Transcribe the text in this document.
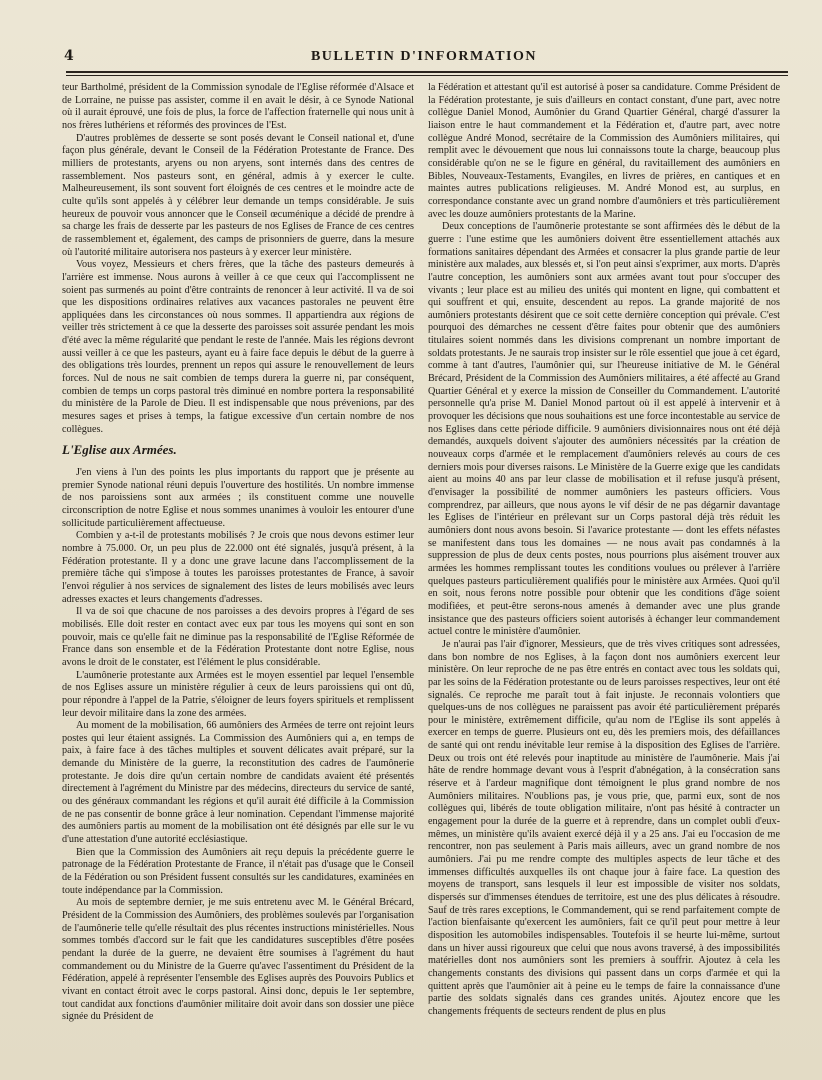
4	BULLETIN D'INFORMATION

teur Bartholmé, président de la Commission synodale de l'Eglise réformée d'Alsace et de Lorraine, ne puisse pas assister, comme il en avait le désir, à ce Synode National où il aurait éprouvé, une fois de plus, la force de l'affection fraternelle qui nous unit à nos frères luthériens et réformés des provinces de l'Est.

D'autres problèmes de desserte se sont posés devant le Conseil national et, d'une façon plus générale, devant le Conseil de la Fédération Protestante de France. Des milliers de protestants, aryens ou non aryens, sont internés dans des centres de rassemblement. Nos pasteurs sont, en général, admis à y exercer le culte. Malheureusement, ils sont souvent fort éloignés de ces centres et le moindre acte de culte qu'ils sont appelés à y célébrer leur demande un temps considérable. Je suis heureux de pouvoir vous annoncer que le Conseil œcuménique a décidé de prendre à sa charge les frais de desserte par les pasteurs de nos Eglises de France de ces centres de rassemblement et, également, des camps de prisonniers de guerre, dans la mesure où l'autorité militaire autorisera nos pasteurs à y exercer leur ministère.

Vous voyez, Messieurs et chers frères, que la tâche des pasteurs demeurés à l'arrière est immense. Nous aurons à veiller à ce que ceux qui l'accomplissent ne soient pas surmenés au point d'être contraints de renoncer à leur activité. Il va de soi que les dispositions ordinaires relatives aux vacances pastorales ne peuvent être appliquées dans les circonstances où nous sommes. Il appartiendra aux régions de veiller très strictement à ce que la desserte des paroisses soit assurée pendant les mois d'été avec la même régularité que pendant le reste de l'année. Mais les régions devront aussi veiller à ce que les pasteurs, ayant eu à faire face depuis le début de la guerre à des obligations très lourdes, prennent un repos qui assure le renouvellement de leurs forces. Nul de nous ne sait combien de temps durera la guerre ni, par conséquent, combien de temps un corps pastoral très diminué en nombre portera la responsabilité du ministère de la Parole de Dieu. Il est indispensable que nous prévenions, par des mesures sages et prises à temps, la fatigue excessive d'un certain nombre de nos collègues.

L'Eglise aux Armées.

J'en viens à l'un des points les plus importants du rapport que je présente au premier Synode national réuni depuis l'ouverture des hostilités. Un nombre immense de nos paroissiens sont aux armées ; ils constituent comme une nouvelle circonscription de notre Eglise et nous sommes unanimes à vouloir les entourer d'une sollicitude particulièrement affectueuse.

Combien y a-t-il de protestants mobilisés ? Je crois que nous devons estimer leur nombre à 75.000. Or, un peu plus de 22.000 ont été signalés, jusqu'à présent, à la Fédération protestante. Il y a donc une grave lacune dans l'accomplissement de la première tâche qui s'impose à toutes les paroisses protestantes de France, à savoir l'envoi régulier à nos services de signalement des listes de leurs mobilisés avec leurs adresses exactes et leurs changements d'adresses.

Il va de soi que chacune de nos paroisses a des devoirs propres à l'égard de ses mobilisés. Elle doit rester en contact avec eux par tous les moyens qui sont en son pouvoir, mais ce qu'elle fait ne diminue pas la responsabilité de l'Eglise Réformée de France dans son ensemble et de la Fédération Protestante dont notre Eglise, nous avons le droit de le constater, est l'élément le plus considérable.

L'aumônerie protestante aux Armées est le moyen essentiel par lequel l'ensemble de nos Eglises assure un ministère régulier à ceux de leurs paroissiens qui ont dû, pour répondre à l'appel de la Patrie, s'éloigner de leurs foyers spirituels et remplissent leur devoir militaire dans la zone des armées.

Au moment de la mobilisation, 66 aumôniers des Armées de terre ont rejoint leurs postes qui leur étaient assignés. La Commission des Aumôniers qui a, en temps de paix, à faire face à des tâches multiples et souvent délicates avait préparé, sur la demande du Ministère de la guerre, la reconstitution des cadres de l'aumônerie protestante. Je dois dire qu'un certain nombre de candidats avaient été présentés directement à l'agrément du Ministre par des médecins, directeurs du service de santé, ou des généraux commandant les régions et qu'il aurait été difficile à la Commission de ne pas consentir de bonne grâce à leur nomination. Cependant l'immense majorité des aumôniers partis au moment de la mobilisation ont été désignés par elle sur le vu d'une attestation d'une autorité ecclésiastique.

Bien que la Commission des Aumôniers ait reçu depuis la précédente guerre le patronage de la Fédération Protestante de France, il n'était pas d'usage que le Conseil de la Fédération ou son Président fussent consultés sur les candidatures, examinées en toute indépendance par la Commission.

Au mois de septembre dernier, je me suis entretenu avec M. le Général Brécard, Président de la Commission des Aumôniers, des problèmes soulevés par l'organisation de l'aumônerie telle qu'elle résultait des plus récentes instructions ministérielles. Nous sommes tombés d'accord sur le fait que les candidatures susceptibles d'être posées pendant la durée de la guerre, ne devaient être soumises à l'agrément du haut commandement ou du Ministre de la Guerre qu'avec l'assentiment du Président de la Fédération, appelé à représenter l'ensemble des Eglises auprès des Pouvoirs Publics et vivant en contact étroit avec le corps pastoral. Ainsi donc, depuis le 1er septembre, tout candidat aux fonctions d'aumônier militaire doit avoir dans son dossier une pièce signée du Président de

la Fédération et attestant qu'il est autorisé à poser sa candidature. Comme Président de la Fédération protestante, je suis d'ailleurs en contact constant, d'une part, avec notre collègue Daniel Monod, Aumônier du Grand Quartier Général, chargé d'assurer la liaison entre le haut commandement et la Fédération et, d'autre part, avec notre collègue André Monod, secrétaire de la Commission des Aumôniers militaires, qui remplit avec le dévouement que nous lui connaissons toute la charge, beaucoup plus considérable qu'on ne se le figure en général, du ravitaillement des aumôniers en Bibles, Nouveaux-Testaments, Evangiles, en livres de prières, en cantiques et en maintes autres publications religieuses. M. André Monod est, au surplus, en correspondance constante avec un grand nombre d'aumôniers et très particulièrement avec les douze aumôniers protestants de la Marine.

Deux conceptions de l'aumônerie protestante se sont affirmées dès le début de la guerre : l'une estime que les aumôniers doivent être essentiellement attachés aux formations sanitaires dépendant des Armées et consacrer la plus grande partie de leur ministère aux malades, aux blessés et, si l'on peut ainsi s'exprimer, aux morts. D'après l'autre conception, les aumôniers sont aux armées avant tout pour s'occuper des vivants ; leur place est au milieu des unités qui montent en ligne, qui combattent et qui souffrent et qui, ensuite, descendent au repos. La grande majorité de nos aumôniers protestants désirent que ce soit cette dernière conception qui prévale. C'est pourquoi des démarches ne cessent d'être faites pour obtenir que des aumôniers titulaires soient nommés dans les divisions comprenant un nombre important de soldats protestants. Je ne saurais trop insister sur le rôle essentiel que joue à cet égard, comme à tant d'autres, l'aumônier qui, sur l'heureuse initiative de M. le Général Brécard, Président de la Commission des Aumôniers militaires, a été affecté au Grand Quartier Général et y exerce la mission de Conseiller du Commandement. L'autorité personnelle qu'a prise M. Daniel Monod partout où il est appelé à intervenir et à provoquer les décisions que nous souhaitions est une force incontestable au service de nos Eglises dans cette période difficile. 9 aumôniers divisionnaires nous ont été déjà demandés, auxquels doivent s'ajouter des aumôniers nécessités par la création de nouveaux corps d'armée et le remplacement d'aumôniers relevés au cours de ces derniers mois pour diverses raisons. Le Ministère de la Guerre exige que les candidats aient au moins 40 ans par leur classe de mobilisation et il refuse jusqu'à présent, d'envisager la possibilité de nommer aumôniers les pasteurs officiers. Vous comprendrez, par ailleurs, que nous ayons le vif désir de ne pas dégarnir davantage les Eglises de l'intérieur en prélevant sur un Corps pastoral déjà très réduit les aumôniers dont nous avons besoin. Si l'avarice protestante — dont les effets néfastes se manifestent dans tous les domaines — ne nous avait pas condamnés à la suppression de plus de deux cents postes, nous pourrions plus aisément trouver aux armées les hommes remplissant toutes les conditions voulues ou prélever à l'arrière quelques pasteurs particulièrement qualifiés pour le ministère aux Armées. Quoi qu'il en soit, nous ferons notre possible pour obtenir que les conditions d'âge soient modifiées, et peut-être serons-nous amenés à demander avec une plus grande insistance que des pasteurs officiers soient autorisés à échanger leur commandement actuel contre le ministère d'aumônier.

Je n'aurai pas l'air d'ignorer, Messieurs, que de très vives critiques sont adressées, dans bon nombre de nos Eglises, à la façon dont nos aumôniers exercent leur ministère. On leur reproche de ne pas être entrés en contact avec tous les soldats qui, par les soins de la Fédération protestante ou de leurs paroisses respectives, leur ont été signalés. Ce reproche me paraît tout à fait injuste. Je reconnais volontiers que quelques-uns de nos collègues ne paraissent pas avoir été particulièrement préparés pour le ministère, extrêmement difficile, qu'au nom de l'Eglise ils sont appelés à exercer en temps de guerre. Plusieurs ont eu, dès les premiers mois, des défaillances de santé qui ont rendu inévitable leur remise à la disposition des Eglises de l'arrière. Deux ou trois ont été relevés pour inaptitude au ministère de l'aumônerie. Mais j'ai hâte de rendre hommage devant vous à l'esprit d'abnégation, à la consécration sans réserve et à l'ardeur magnifique dont témoignent le plus grand nombre de nos Aumôniers militaires. N'oublions pas, je vous prie, que, parmi eux, sont de nos collègues qui, libérés de toute obligation militaire, n'ont pas hésité à contracter un engagement pour la durée de la guerre et à reprendre, dans un complet oubli d'eux-mêmes, un ministère qu'ils avaient exercé déjà il y a 25 ans. J'ai eu l'occasion de me rencontrer, non pas seulement à Paris mais ailleurs, avec un grand nombre de nos aumôniers. J'ai pu me rendre compte des multiples aspects de leur tâche et des immenses difficultés auxquelles ils ont chaque jour à faire face. La question des moyens de transport, sans lesquels il leur est impossible de visiter nos soldats, dispersés sur d'immenses étendues de territoire, est une des plus délicates à résoudre. Sauf de très rares exceptions, le Commandement, qui se rend parfaitement compte de l'action bienfaisante qu'exercent les aumôniers, fait ce qu'il peut pour mettre à leur disposition les automobiles indispensables. Toutefois il se heurte lui-même, surtout dans un hiver aussi rigoureux que celui que nous avons traversé, à des impossibilités matérielles dont nos aumôniers sont les premiers à souffrir. Ajoutez à cela les changements constants des divisions qui passent dans un corps d'armée et qui la quittent après que l'aumônier ait à peine eu le temps de faire la connaissance d'une partie des soldats signalés dans ces grandes unités. Ajoutez encore que les changements fréquents de secteurs rendent de plus en plus
